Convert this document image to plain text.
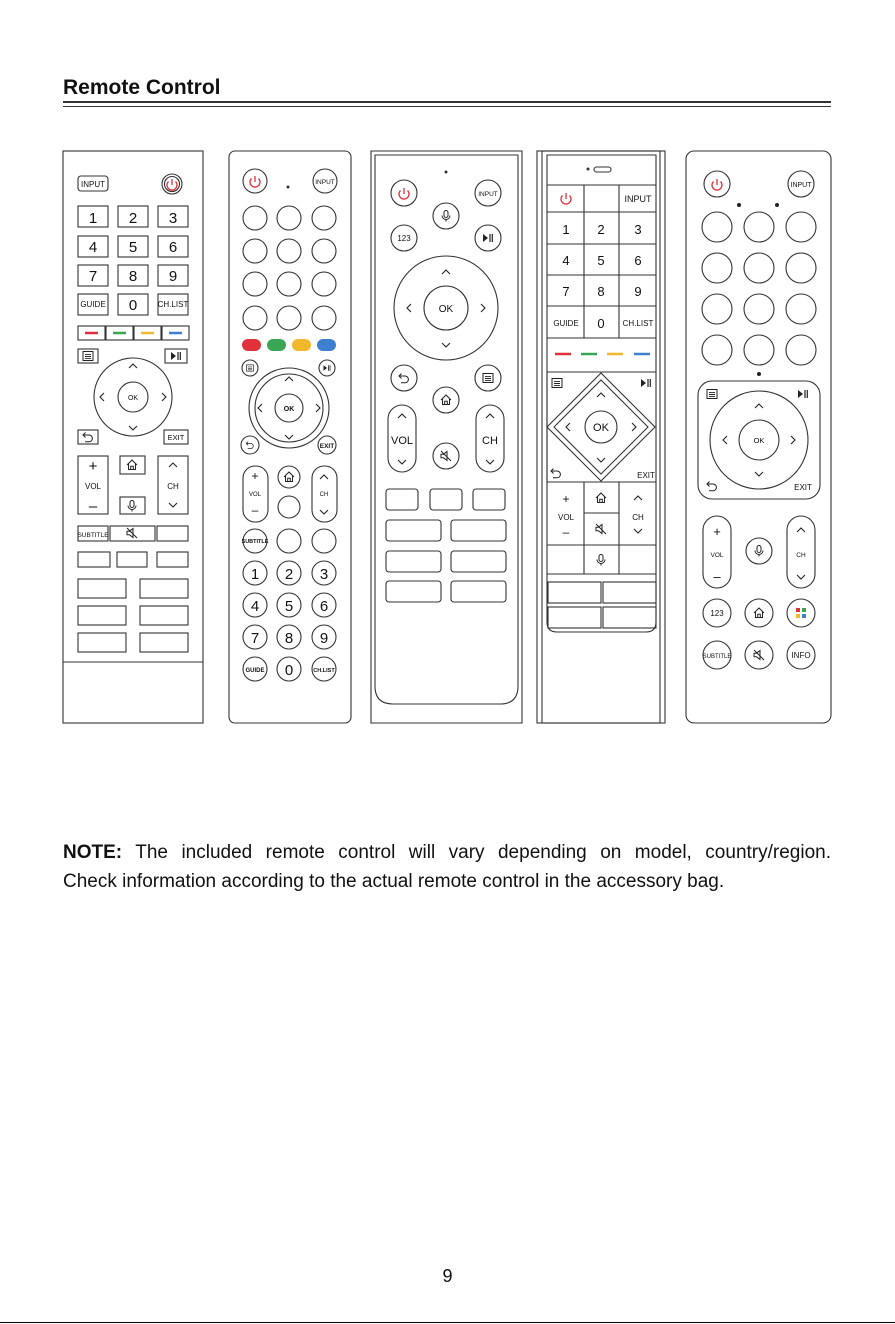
Remote Control
INPUT
1 2 3
4 5 6
7 8 9
GUIDE 0	CH.LIST
OK
EXIT
+
VOL
–
CH
SUBTITLE
INPUT
OK
EXIT
+
VOL
–
CH
SUBTITLE
1 2 3
4 5 6
7 8 9
GUIDE 0	CH.LIST
INPUT
123
OK
VOL	CH
INPUT
1 2 3
4 5 6
7 8 9
GUIDE 0 CH.LIST
OK
EXIT
+
VOL
–
CH
INPUT
OK
EXIT
+
VOL
–
CH
123
SUBTITLE	INFO
NOTE: The included remote control will vary depending on model, country/region.
Check information according to the actual remote control in the accessory bag.
9
